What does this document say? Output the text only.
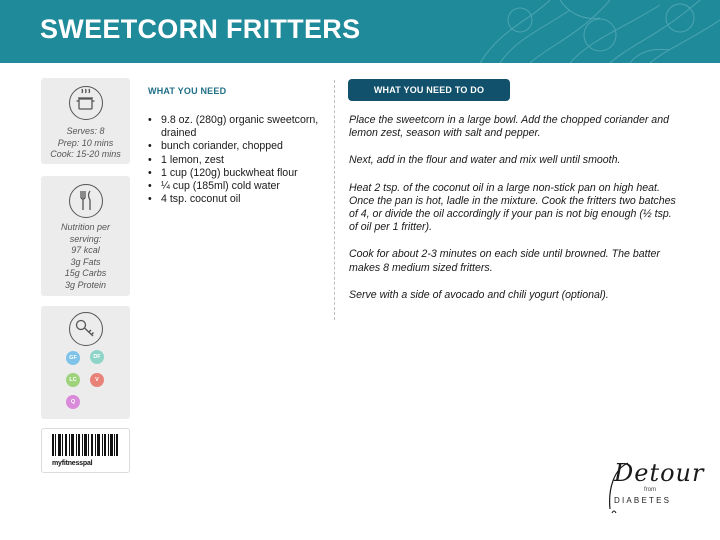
SWEETCORN FRITTERS
Serves: 8
Prep: 10 mins
Cook: 15-20 mins
Nutrition per
serving:
97 kcal
3g Fats
15g Carbs
3g Protein
GF	DF
LC	V
Q
myfitnesspal
WHAT YOU NEED
• 9.8 oz. (280g) organic sweetcorn, drained
• bunch coriander, chopped
• 1 lemon, zest
• 1 cup (120g) buckwheat flour
• ¼ cup (185ml) cold water
• 4 tsp. coconut oil
WHAT YOU NEED TO DO

Place the sweetcorn in a large bowl. Add the chopped coriander and lemon zest, season with salt and pepper.

Next, add in the flour and water and mix well until smooth.

Heat 2 tsp. of the coconut oil in a large non-stick pan on high heat. Once the pan is hot, ladle in the mixture. Cook the fritters two batches of 4, or divide the oil accordingly if your pan is not big enough (½ tsp. of oil per 1 fritter).

Cook for about 2-3 minutes on each side until browned. The batter makes 8 medium sized fritters.

Serve with a side of avocado and chili yogurt (optional).

Detour
from
DIABETES
